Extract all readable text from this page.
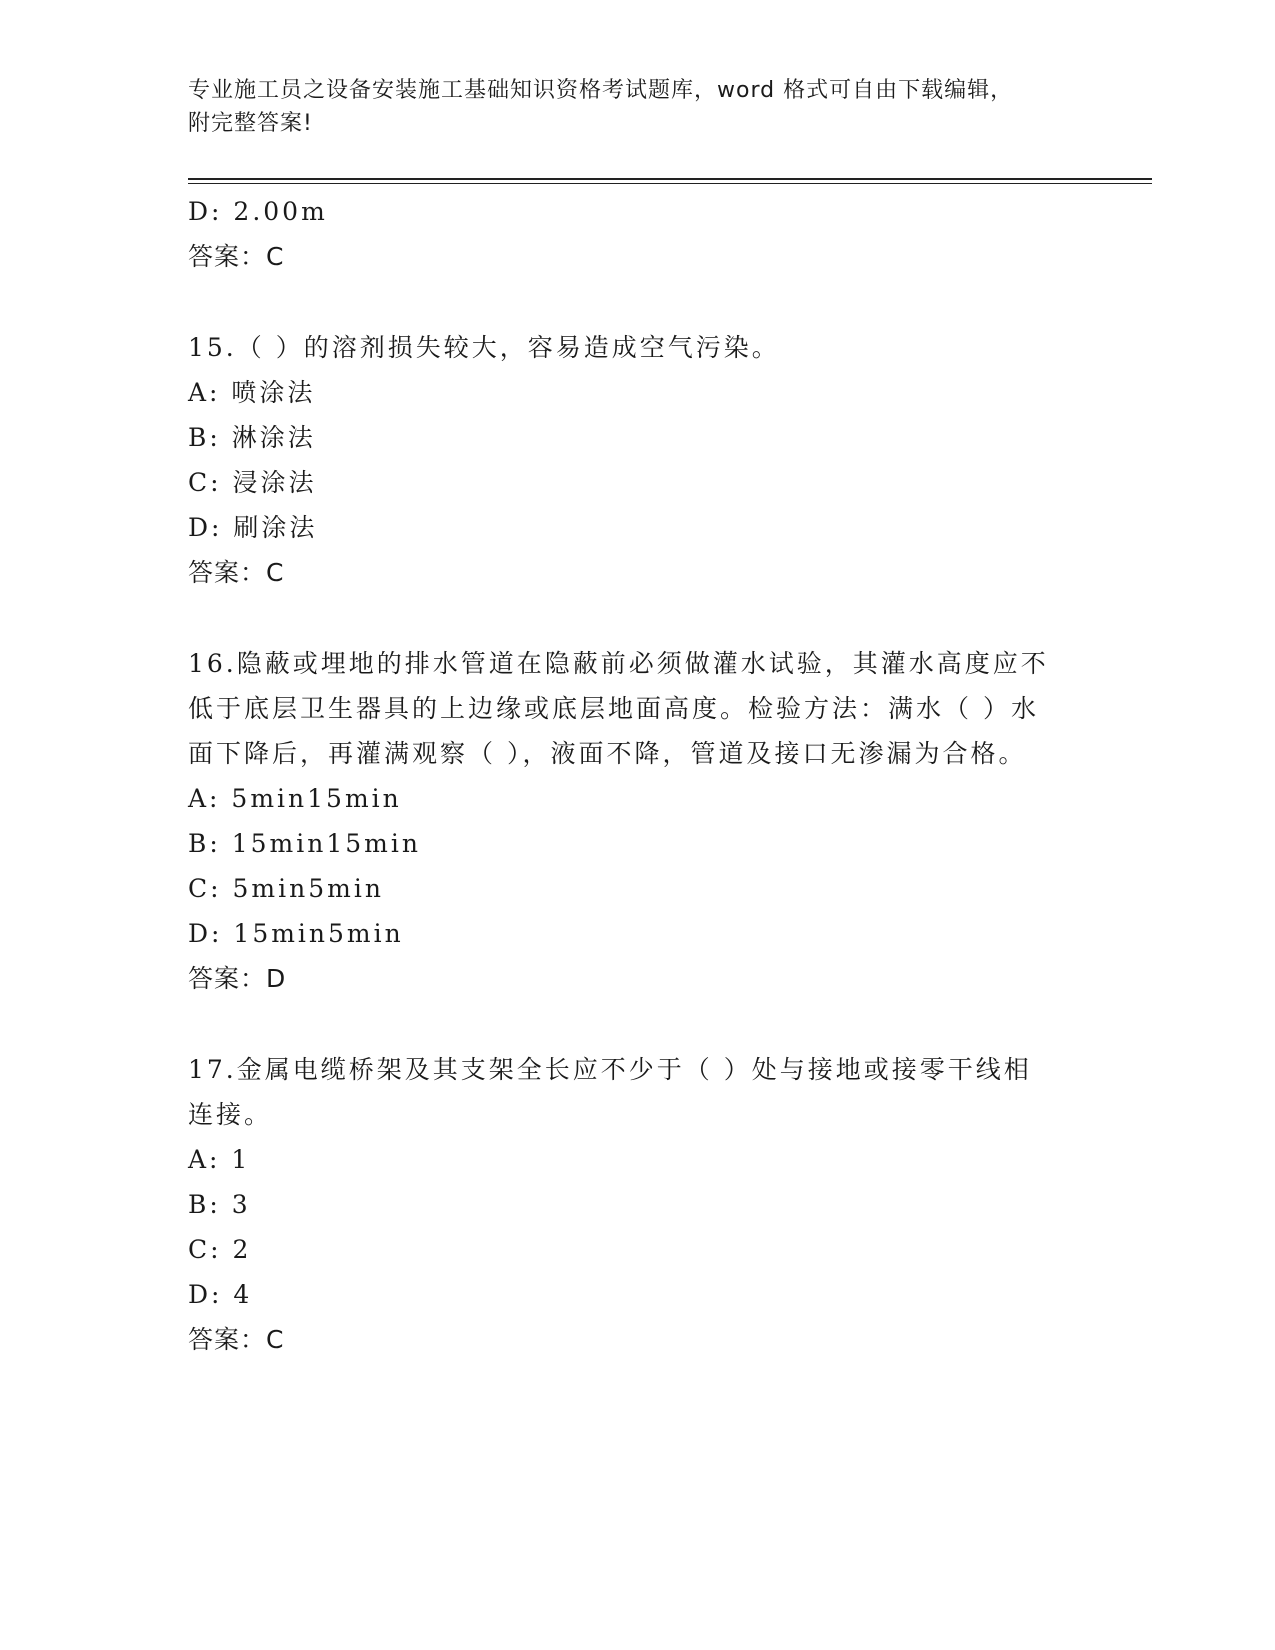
专业施工员之设备安装施工基础知识资格考试题库，word 格式可自由下载编辑，
附完整答案!
D: 2.00m
答案：C
15.（ ）的溶剂损失较大，容易造成空气污染。
A: 喷涂法
B: 淋涂法
C: 浸涂法
D: 刷涂法
答案：C
16.隐蔽或埋地的排水管道在隐蔽前必须做灌水试验，其灌水高度应不
低于底层卫生器具的上边缘或底层地面高度。检验方法：满水（ ）水
面下降后，再灌满观察（ ），液面不降，管道及接口无渗漏为合格。
A: 5min15min
B: 15min15min
C: 5min5min
D: 15min5min
答案：D
17.金属电缆桥架及其支架全长应不少于（ ）处与接地或接零干线相
连接。
A: 1
B: 3
C: 2
D: 4
答案：C
